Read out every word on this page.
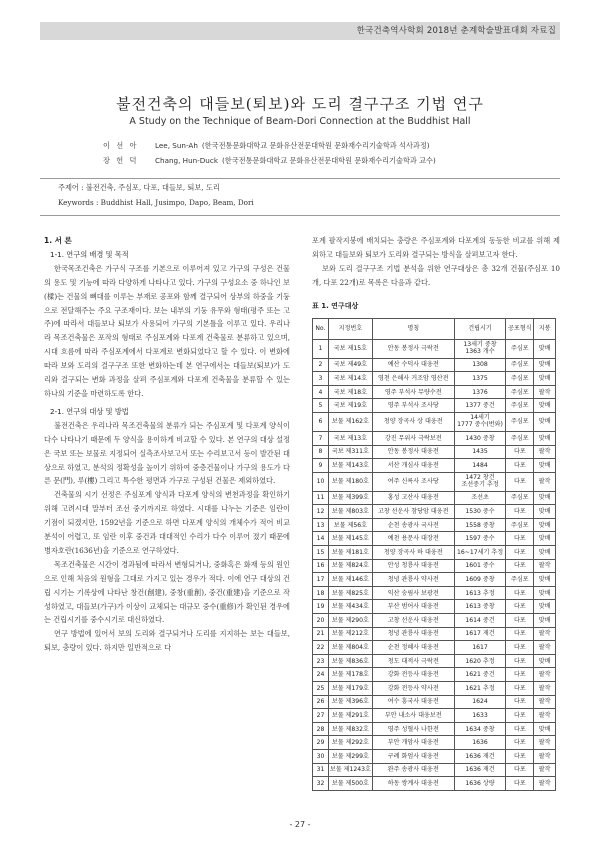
한국건축역사학회 2018년 춘계학술발표대회 자료집
불전건축의 대들보(퇴보)와 도리 결구구조 기법 연구
A Study on the Technique of Beam-Dori Connection at the Buddhist Hall
이 선 아 Lee, Sun-Ah (한국전통문화대학교 문화유산전문대학원 문화재수리기술학과 석사과정)
장 헌 덕 Chang, Hun-Duck (한국전통문화대학교 문화유산전문대학원 문화재수리기술학과 교수)
주제어 : 불전건축, 주심포, 다포, 대들보, 퇴보, 도리
Keywords : Buddhist Hall, Jusimpo, Dapo, Beam, Dori

1. 서 론

1-1. 연구의 배경 및 목적

한국목조건축은 가구식 구조를 기본으로 이루어져 있고 가구의 구성은 건물의 용도 및 기능에 따라 다양하게 나타나고 있다. 가구의 구성요소 중 하나인 보(樑)는 건물의 뼈대를 이루는 부재로 공포와 함께 결구되어 상부의 하중을 기둥으로 전달해주는 주요 구조재이다. 보는 내부의 기둥 유무와 형태(평주 또는 고주)에 따라서 대들보나 퇴보가 사용되어 가구의 기본틀을 이루고 있다. 우리나라 목조건축물은 포작의 형태로 주심포계와 다포계 건축물로 분류하고 있으며, 시대 흐름에 따라 주심포계에서 다포계로 변화되었다고 할 수 있다. 이 변화에 따라 보와 도리의 결구구조 또한 변화하는데 본 연구에서는 대들보(퇴보)가 도리와 결구되는 변화 과정을 살펴 주심포계와 다포계 건축물을 분류할 수 있는 하나의 기준을 마련하도록 한다.

2-1. 연구의 대상 및 방법

불전건축은 우리나라 목조건축물의 분류가 되는 주심포계 및 다포계 양식이 다수 나타나기 때문에 두 양식을 용이하게 비교할 수 있다. 본 연구의 대상 설정은 국보 또는 보물로 지정되어 실측조사보고서 또는 수리보고서 등이 발간된 대상으로 하였고, 분석의 정확성을 높이기 위하여 중층건물이나 가구의 용도가 다른 문(門), 루(樓) 그리고 특수한 평면과 가구로 구성된 건물은 제외하였다.

건축물의 시기 선정은 주심포계 양식과 다포계 양식의 변천과정을 확인하기 위해 고려시대 말부터 조선 중기까지로 하였다. 시대를 나누는 기준은 임란이 기점이 되겠지만, 1592년을 기준으로 하면 다포계 양식의 개체수가 적어 비교분석이 어렵고, 또 임란 이후 중건과 대대적인 수리가 다수 이루어 졌기 때문에 병자호란(1636년)을 기준으로 연구하였다.

목조건축물은 시간이 경과됨에 따라서 변형되거나, 중화혹은 화재 등의 원인으로 인해 처음의 원형을 그대로 가지고 있는 경우가 적다. 이에 연구 대상의 건립 시기는 기록상에 나타난 창건(創建), 중창(重創), 중건(重建)을 기준으로 작성하였고, 대들보(가구)가 이상이 교체되는 대규모 중수(重修)가 확인된 경우에는 건립시기를 중수시기로 대신하였다.

연구 방법에 있어서 보의 도리와 결구되거나 도리를 지지하는 보는 대들보, 퇴보, 충량이 있다. 하지만 일반적으로 다

포계 팔작지붕에 배치되는 충량은 주심포계와 다포계의 동등한 비교를 위해 제외하고 대들보와 퇴보가 도리와 결구되는 방식을 살펴보고자 한다.

보와 도리 결구구조 기법 분석을 위한 연구대상은 총 32개 건물(주심포 10개, 다포 22개)로 목록은 다음과 같다.

표 1. 연구대상

No.	지정번호	명칭	건립시기	공포형식	지붕
1	국보 제15호	안동 봉정사 극락전	13세기 중창
1363 개수	주심포	맞배
2	국보 제49호	예산 수덕사 대웅전	1308	주심포	맞배
3	국보 제14호	영천 은해사 거조암 영산전	1375	주심포	맞배
4	국보 제18호	영주 부석사 무량수전	1376	주심포	팔작
5	국보 제19호	영주 부석사 조사당	1377 중건	주심포	맞배
6	보물 제162호	청양 장곡사 상 대웅전	14세기
1777 중수(번와)	주심포	맞배
7	국보 제13호	강진 무위사 극락보전	1430 중창	주심포	맞배
8	국보 제311호	안동 봉정사 대웅전	1435	다포	팔작
9	보물 제143호	서산 개심사 대웅전	1484	다포	맞배
10	보물 제180호	여주 신륵사 조사당	1472 창건
조선중기 추정	다포	팔작
11	보물 제399호	홍성 고산사 대웅전	조선초	주심포	맞배
12	보물 제803호	고창 선운사 참당암 대웅전	1530 중수	다포	맞배
13	보물 제56호	순천 송광사 국사전	1558 중창	주심포	맞배
14	보물 제145호	예천 용문사 대장전	1597 중수	다포	맞배
15	보물 제181호	청양 장곡사 하 대웅전	16~17세기 추정	다포	맞배
16	보물 제824호	안성 청룡사 대웅전	1601 중수	다포	팔작
17	보물 제146호	청녕 관룡사 약사전	1609 중창	주심포	맞배
18	보물 제825호	익산 숭림사 보광전	1613 추정	다포	맞배
19	보물 제434호	부산 범어사 대웅전	1613 중창	다포	맞배
20	보물 제290호	고창 선운사 대웅전	1614 중건	다포	맞배
21	보물 제212호	청녕 관룡사 대웅전	1617 재건	다포	팔작
22	보물 제804호	순천 정혜사 대웅전	1617	다포	팔작
23	보물 제836호	청도 대적사 극락전	1620 추정	다포	맞배
24	보물 제178호	강화 전등사 대웅전	1621 중건	다포	팔작
25	보물 제179호	강화 전등사 약사전	1621 추정	다포	팔작
26	보물 제396호	여수 흥국사 대웅전	1624	다포	팔작
27	보물 제291호	부안 내소사 대웅보전	1633	다포	팔작
28	보물 제832호	영주 성혈사 나한전	1634 중창	다포	맞배
29	보물 제292호	부안 개암사 대웅전	1636	다포	팔작
30	보물 제299호	구례 화엄사 대웅전	1636 재건	다포	팔작
31	보물 제1243호	완주 송광사 대웅전	1636 재건	다포	팔작
32	보물 제500호	하동 쌍계사 대웅전	1636 상량	다포	팔작
- 27 -
